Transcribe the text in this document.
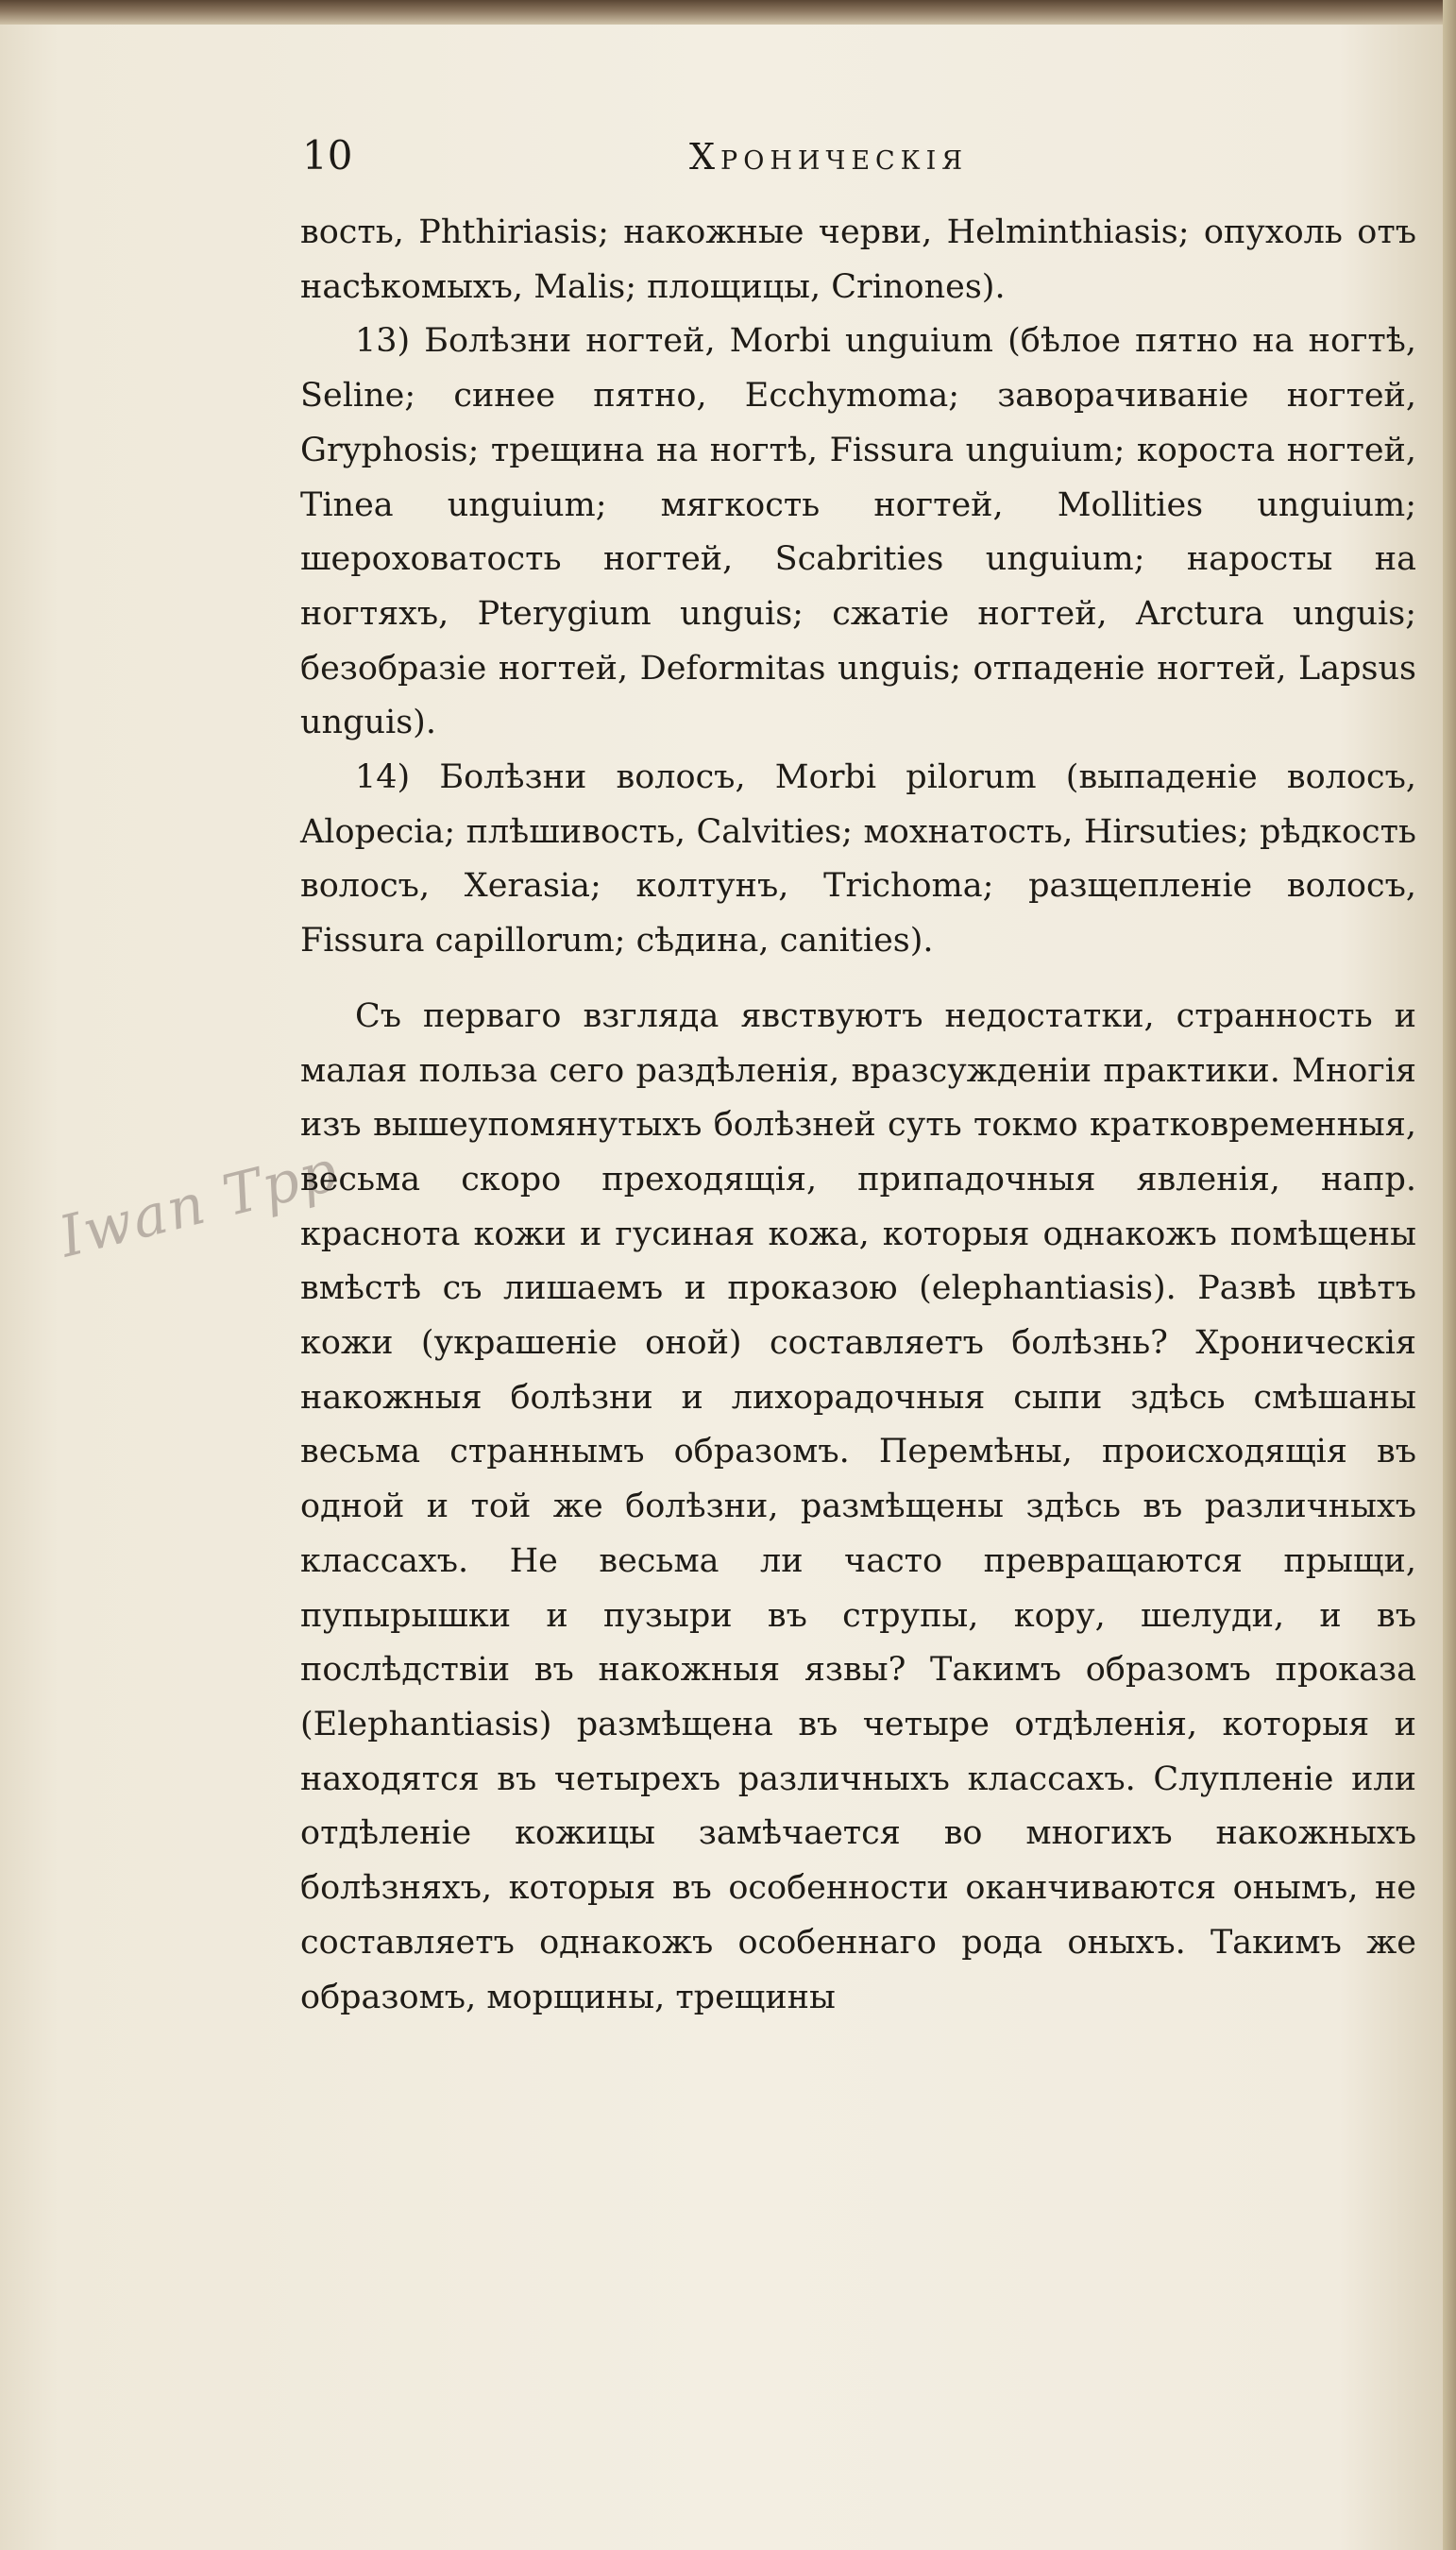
10	Хроническія
Iwan Tpp

вость, Phthiriasis; накожные черви, Helminthiasis; опухоль отъ насѣкомыхъ, Malis; площицы, Crinones).

13) Болѣзни ногтей, Morbi unguium (бѣлое пятно на ногтѣ, Seline; синее пятно, Ecchymoma; заворачиваніе ногтей, Gryphosis; трещина на ногтѣ, Fissura unguium; короста ногтей, Tinea unguium; мягкость ногтей, Mollities unguium; шероховатость ногтей, Scabrities unguium; наросты на ногтяхъ, Pterygium unguis; сжатіе ногтей, Arctura unguis; безобразіе ногтей, Deformitas unguis; отпаденіе ногтей, Lapsus unguis).

14) Болѣзни волосъ, Morbi pilorum (выпаденіе волосъ, Alopecia; плѣшивость, Calvities; мохнатость, Hirsuties; рѣдкость волосъ, Xerasia; колтунъ, Trichoma; разщепленіе волосъ, Fissura capillorum; сѣдина, canities).

Съ перваго взгляда явствуютъ недостатки, странность и малая польза сего раздѣленія, вразсужденіи практики. Многія изъ вышеупомянутыхъ болѣзней суть токмо кратковременныя, весьма скоро преходящія, припадочныя явленія, напр. краснота кожи и гусиная кожа, которыя однакожъ помѣщены вмѣстѣ съ лишаемъ и проказою (elephantiasis). Развѣ цвѣтъ кожи (украшеніе оной) составляетъ болѣзнь? Хроническія накожныя болѣзни и лихорадочныя сыпи здѣсь смѣшаны весьма страннымъ образомъ. Перемѣны, происходящія въ одной и той же болѣзни, размѣщены здѣсь въ различныхъ классахъ. Не весьма ли часто превращаются прыщи, пупырышки и пузыри въ струпы, кору, шелуди, и въ послѣдствіи въ накожныя язвы? Такимъ образомъ проказа (Elephantiasis) размѣщена въ четыре отдѣленія, которыя и находятся въ четырехъ различныхъ классахъ. Слупленіе или отдѣленіе кожицы замѣчается во многихъ накожныхъ болѣзняхъ, которыя въ особенности оканчиваются онымъ, не составляетъ однакожъ особеннаго рода оныхъ. Такимъ же образомъ, морщины, трещины
